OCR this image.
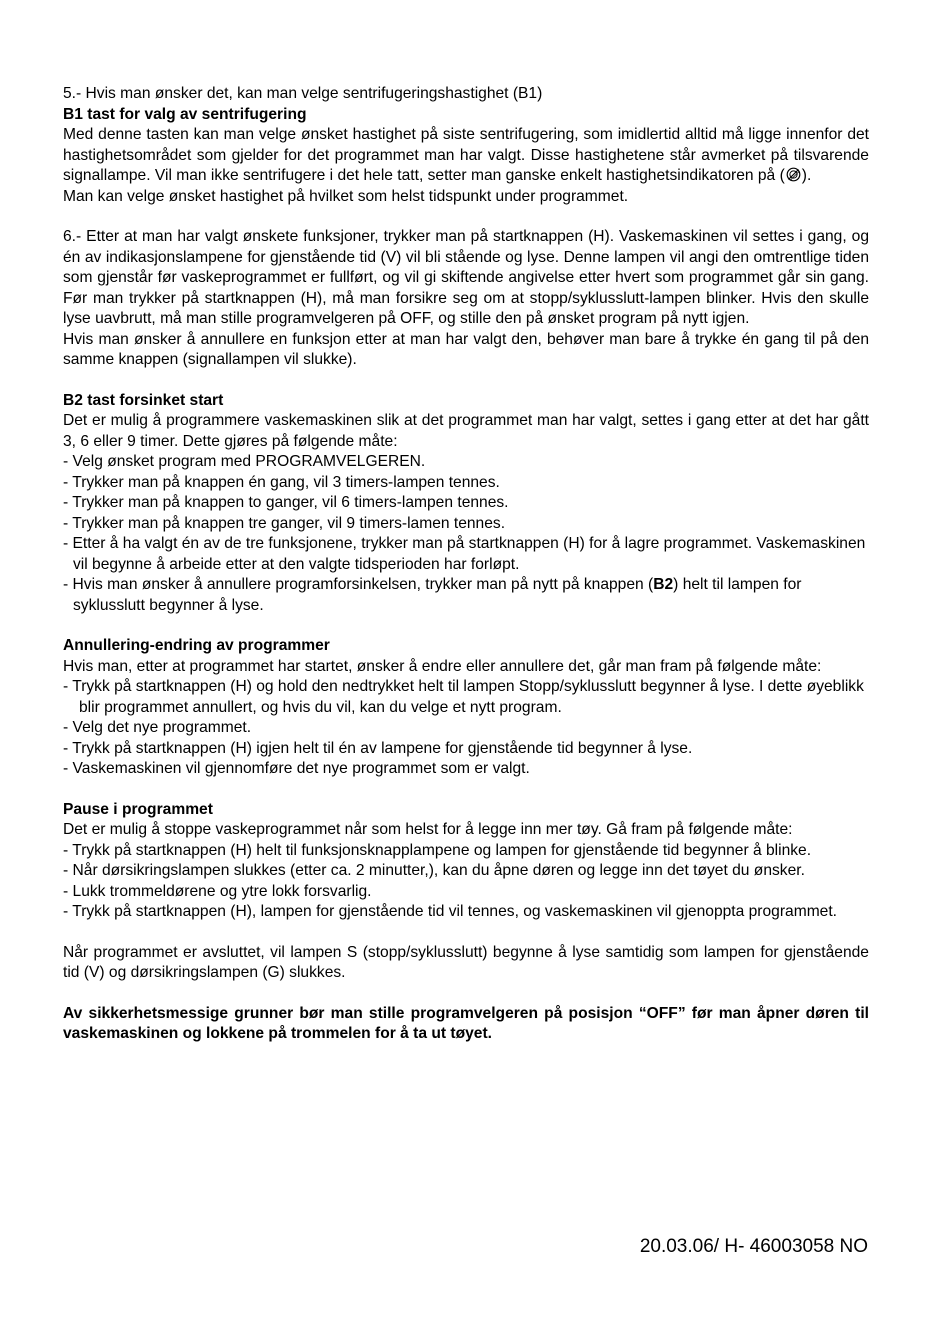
5.- Hvis man ønsker det, kan man velge sentrifugeringshastighet (B1)

B1 tast for valg av sentrifugering

Med denne tasten kan man velge ønsket hastighet på siste sentrifugering, som imidlertid alltid må ligge innenfor det hastighetsområdet som gjelder for det programmet man har valgt. Disse hastighetene står avmerket på tilsvarende signallampe. Vil man ikke sentrifugere i det hele tatt, setter man ganske enkelt hastighetsindikatoren på ( ).

Man kan velge ønsket hastighet på hvilket som helst tidspunkt under programmet.

6.- Etter at man har valgt ønskete funksjoner, trykker man på startknappen (H). Vaskemaskinen vil settes i gang, og én av indikasjonslampene for gjenstående tid (V) vil bli stående og lyse. Denne lampen vil angi den omtrentlige tiden som gjenstår før vaskeprogrammet er fullført, og vil gi skiftende angivelse etter hvert som programmet går sin gang. Før man trykker på startknappen (H), må man forsikre seg om at stopp/syklusslutt-lampen blinker. Hvis den skulle lyse uavbrutt, må man stille programvelgeren på OFF, og stille den på ønsket program på nytt igjen.

Hvis man ønsker å annullere en funksjon etter at man har valgt den, behøver man bare å trykke én gang til på den samme knappen (signallampen vil slukke).

B2 tast forsinket start

Det er mulig å programmere vaskemaskinen slik at det programmet man har valgt, settes i gang etter at det har gått 3, 6 eller 9 timer. Dette gjøres på følgende måte:

- Velg ønsket program med PROGRAMVELGEREN.

- Trykker man på knappen én gang, vil 3 timers-lampen tennes.

- Trykker man på knappen to ganger, vil 6 timers-lampen tennes.

- Trykker man på knappen tre ganger, vil 9 timers-lamen tennes.

- Etter å ha valgt én av de tre funksjonene, trykker man på startknappen (H) for å lagre programmet. Vaskemaskinen vil begynne å arbeide etter at den valgte tidsperioden har forløpt.

- Hvis man ønsker å annullere programforsinkelsen, trykker man på nytt på knappen (B2) helt til lampen for syklusslutt begynner å lyse.

Annullering-endring av programmer

Hvis man, etter at programmet har startet, ønsker å endre eller annullere det, går man fram på følgende måte:

- Trykk på startknappen (H) og hold den nedtrykket helt til lampen Stopp/syklusslutt begynner å lyse. I dette øyeblikk blir programmet annullert, og hvis du vil, kan du velge et nytt program.

- Velg det nye programmet.

- Trykk på startknappen (H) igjen helt til én av lampene for gjenstående tid begynner å lyse.

- Vaskemaskinen vil gjennomføre det nye programmet som er valgt.

Pause i programmet

Det er mulig å stoppe vaskeprogrammet når som helst for å legge inn mer tøy. Gå fram på følgende måte:

- Trykk på startknappen (H) helt til funksjonsknapplampene og lampen for gjenstående tid begynner å blinke.

- Når dørsikringslampen slukkes (etter ca. 2 minutter,), kan du åpne døren og legge inn det tøyet du ønsker.

- Lukk trommeldørene og ytre lokk forsvarlig.

- Trykk på startknappen (H), lampen for gjenstående tid vil tennes, og vaskemaskinen vil gjenoppta programmet.

Når programmet er avsluttet, vil lampen S (stopp/syklusslutt) begynne å lyse samtidig som lampen for gjenstående tid (V) og dørsikringslampen (G) slukkes.

Av sikkerhetsmessige grunner bør man stille programvelgeren på posisjon “OFF” før man åpner døren til vaskemaskinen og lokkene på trommelen for å ta ut tøyet.

20.03.06/ H- 46003058 NO
